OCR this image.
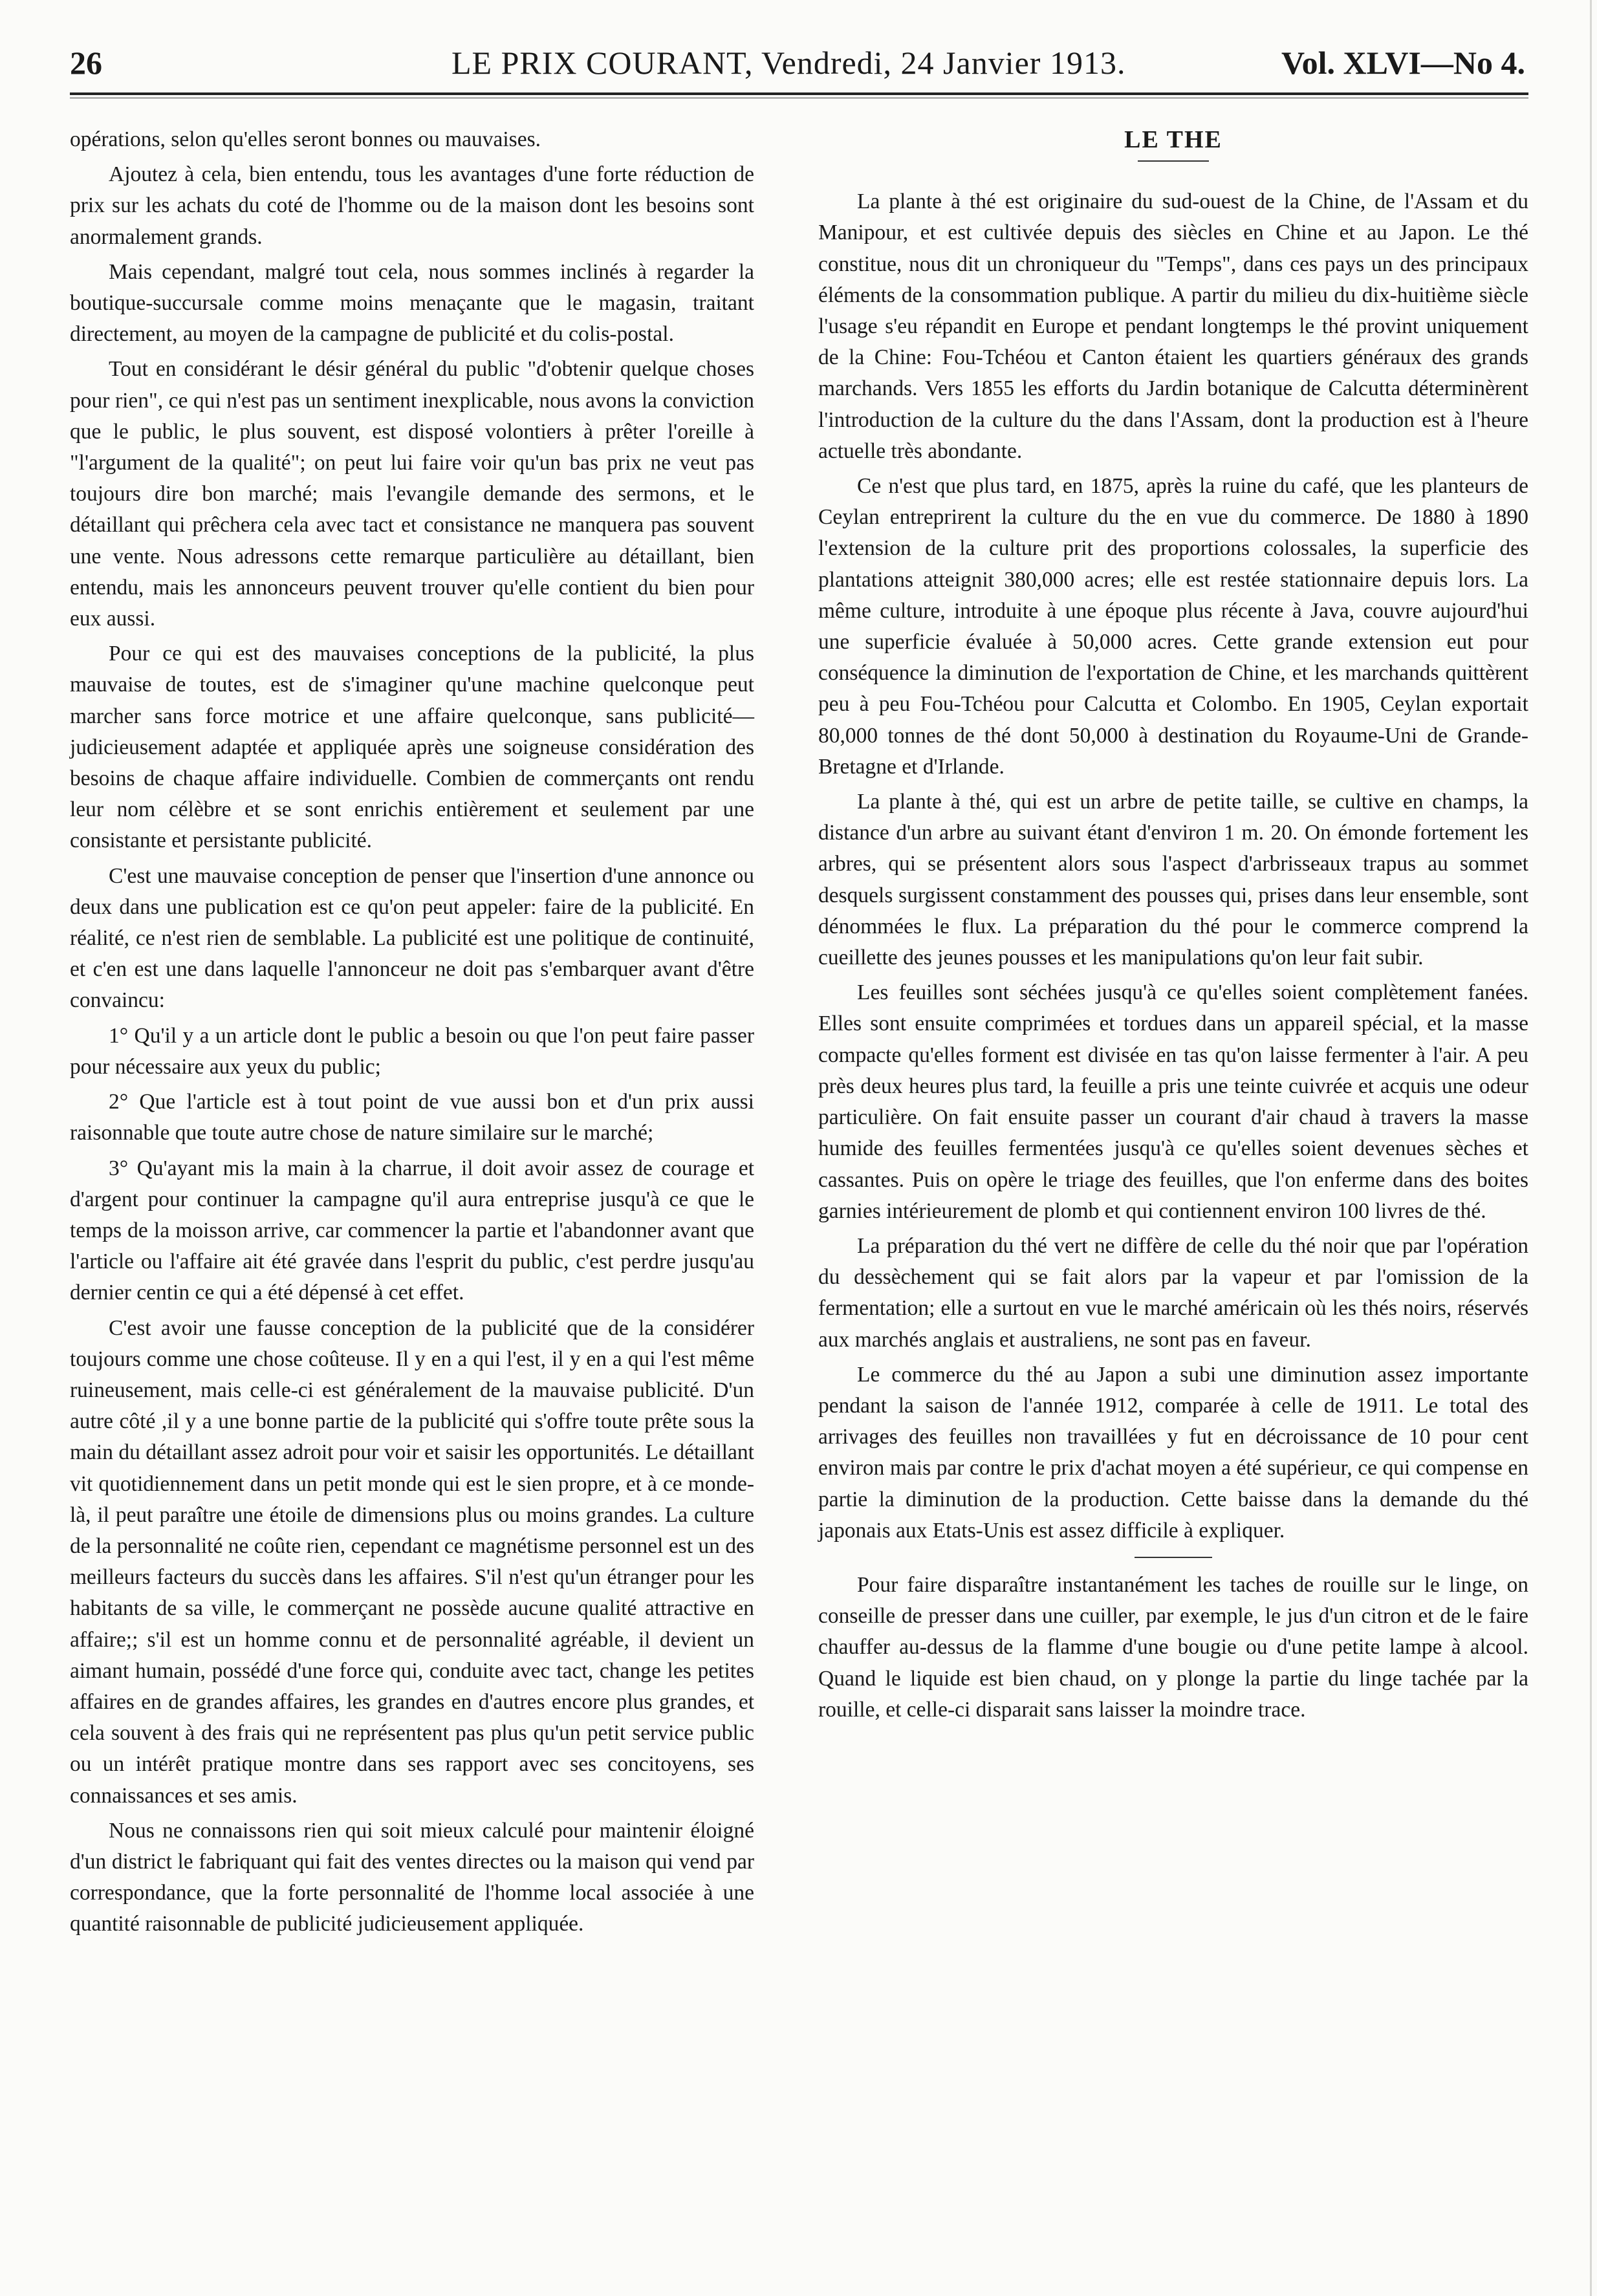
26	LE PRIX COURANT, Vendredi, 24 Janvier 1913.	Vol. XLVI—No 4.

opérations, selon qu'elles seront bonnes ou mauvaises.

Ajoutez à cela, bien entendu, tous les avantages d'une forte réduction de prix sur les achats du coté de l'homme ou de la maison dont les besoins sont anormalement grands.

Mais cependant, malgré tout cela, nous sommes inclinés à regarder la boutique-succursale comme moins menaçante que le magasin, traitant directement, au moyen de la campagne de publicité et du colis-postal.

Tout en considérant le désir général du public "d'obtenir quelque choses pour rien", ce qui n'est pas un sentiment inexplicable, nous avons la conviction que le public, le plus souvent, est disposé volontiers à prêter l'oreille à "l'argument de la qualité"; on peut lui faire voir qu'un bas prix ne veut pas toujours dire bon marché; mais l'evangile demande des sermons, et le détaillant qui prêchera cela avec tact et consistance ne manquera pas souvent une vente. Nous adressons cette remarque particulière au détaillant, bien entendu, mais les annonceurs peuvent trouver qu'elle contient du bien pour eux aussi.

Pour ce qui est des mauvaises conceptions de la publicité, la plus mauvaise de toutes, est de s'imaginer qu'une machine quelconque peut marcher sans force motrice et une affaire quelconque, sans publicité—judicieusement adaptée et appliquée après une soigneuse considération des besoins de chaque affaire individuelle. Combien de commerçants ont rendu leur nom célèbre et se sont enrichis entièrement et seulement par une consistante et persistante publicité.

C'est une mauvaise conception de penser que l'insertion d'une annonce ou deux dans une publication est ce qu'on peut appeler: faire de la publicité. En réalité, ce n'est rien de semblable. La publicité est une politique de continuité, et c'en est une dans laquelle l'annonceur ne doit pas s'embarquer avant d'être convaincu:

1° Qu'il y a un article dont le public a besoin ou que l'on peut faire passer pour nécessaire aux yeux du public;

2° Que l'article est à tout point de vue aussi bon et d'un prix aussi raisonnable que toute autre chose de nature similaire sur le marché;

3° Qu'ayant mis la main à la charrue, il doit avoir assez de courage et d'argent pour continuer la campagne qu'il aura entreprise jusqu'à ce que le temps de la moisson arrive, car commencer la partie et l'abandonner avant que l'article ou l'affaire ait été gravée dans l'esprit du public, c'est perdre jusqu'au dernier centin ce qui a été dépensé à cet effet.

C'est avoir une fausse conception de la publicité que de la considérer toujours comme une chose coûteuse. Il y en a qui l'est, il y en a qui l'est même ruineusement, mais celle-ci est généralement de la mauvaise publicité. D'un autre côté ,il y a une bonne partie de la publicité qui s'offre toute prête sous la main du détaillant assez adroit pour voir et saisir les opportunités. Le détaillant vit quotidiennement dans un petit monde qui est le sien propre, et à ce monde-là, il peut paraître une étoile de dimensions plus ou moins grandes. La culture de la personnalité ne coûte rien, cependant ce magnétisme personnel est un des meilleurs facteurs du succès dans les affaires. S'il n'est qu'un étranger pour les habitants de sa ville, le commerçant ne possède aucune qualité attractive en affaire;; s'il est un homme connu et de personnalité agréable, il devient un aimant humain, possédé d'une force qui, conduite avec tact, change les petites affaires en de grandes affaires, les grandes en d'autres encore plus grandes, et cela souvent à des frais qui ne représentent pas plus qu'un petit service public ou un intérêt pratique montre dans ses rapport avec ses concitoyens, ses connaissances et ses amis.

Nous ne connaissons rien qui soit mieux calculé pour maintenir éloigné d'un district le fabriquant qui fait des ventes directes ou la maison qui vend par correspondance, que la forte personnalité de l'homme local associée à une quantité raisonnable de publicité judicieusement appliquée.

LE THE

La plante à thé est originaire du sud-ouest de la Chine, de l'Assam et du Manipour, et est cultivée depuis des siècles en Chine et au Japon. Le thé constitue, nous dit un chroniqueur du "Temps", dans ces pays un des principaux éléments de la consommation publique. A partir du milieu du dix-huitième siècle l'usage s'eu répandit en Europe et pendant longtemps le thé provint uniquement de la Chine: Fou-Tchéou et Canton étaient les quartiers généraux des grands marchands. Vers 1855 les efforts du Jardin botanique de Calcutta déterminèrent l'introduction de la culture du the dans l'Assam, dont la production est à l'heure actuelle très abondante.

Ce n'est que plus tard, en 1875, après la ruine du café, que les planteurs de Ceylan entreprirent la culture du the en vue du commerce. De 1880 à 1890 l'extension de la culture prit des proportions colossales, la superficie des plantations atteignit 380,000 acres; elle est restée stationnaire depuis lors. La même culture, introduite à une époque plus récente à Java, couvre aujourd'hui une superficie évaluée à 50,000 acres. Cette grande extension eut pour conséquence la diminution de l'exportation de Chine, et les marchands quittèrent peu à peu Fou-Tchéou pour Calcutta et Colombo. En 1905, Ceylan exportait 80,000 tonnes de thé dont 50,000 à destination du Royaume-Uni de Grande-Bretagne et d'Irlande.

La plante à thé, qui est un arbre de petite taille, se cultive en champs, la distance d'un arbre au suivant étant d'environ 1 m. 20. On émonde fortement les arbres, qui se présentent alors sous l'aspect d'arbrisseaux trapus au sommet desquels surgissent constamment des pousses qui, prises dans leur ensemble, sont dénommées le flux. La préparation du thé pour le commerce comprend la cueillette des jeunes pousses et les manipulations qu'on leur fait subir.

Les feuilles sont séchées jusqu'à ce qu'elles soient complètement fanées. Elles sont ensuite comprimées et tordues dans un appareil spécial, et la masse compacte qu'elles forment est divisée en tas qu'on laisse fermenter à l'air. A peu près deux heures plus tard, la feuille a pris une teinte cuivrée et acquis une odeur particulière. On fait ensuite passer un courant d'air chaud à travers la masse humide des feuilles fermentées jusqu'à ce qu'elles soient devenues sèches et cassantes. Puis on opère le triage des feuilles, que l'on enferme dans des boites garnies intérieurement de plomb et qui contiennent environ 100 livres de thé.

La préparation du thé vert ne diffère de celle du thé noir que par l'opération du dessèchement qui se fait alors par la vapeur et par l'omission de la fermentation; elle a surtout en vue le marché américain où les thés noirs, réservés aux marchés anglais et australiens, ne sont pas en faveur.

Le commerce du thé au Japon a subi une diminution assez importante pendant la saison de l'année 1912, comparée à celle de 1911. Le total des arrivages des feuilles non travaillées y fut en décroissance de 10 pour cent environ mais par contre le prix d'achat moyen a été supérieur, ce qui compense en partie la diminution de la production. Cette baisse dans la demande du thé japonais aux Etats-Unis est assez difficile à expliquer.

Pour faire disparaître instantanément les taches de rouille sur le linge, on conseille de presser dans une cuiller, par exemple, le jus d'un citron et de le faire chauffer au-dessus de la flamme d'une bougie ou d'une petite lampe à alcool. Quand le liquide est bien chaud, on y plonge la partie du linge tachée par la rouille, et celle-ci disparait sans laisser la moindre trace.
